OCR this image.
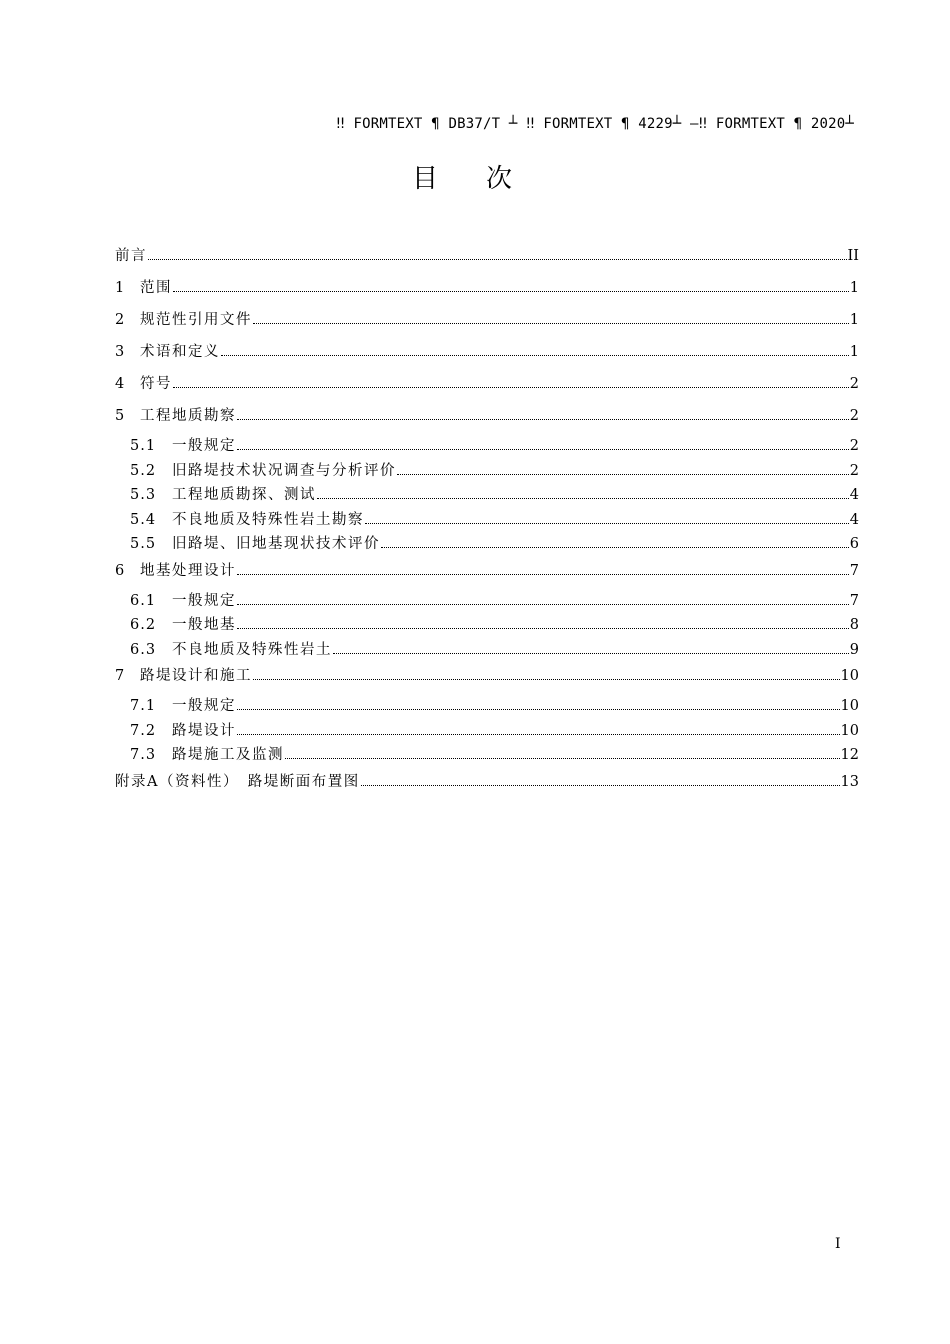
‼ FORMTEXT ¶ DB37/T ┴ ‼ FORMTEXT ¶ 4229┴ —‼ FORMTEXT ¶ 2020┴
目次
前言	II
1	范围	1
2	规范性引用文件	1
3	术语和定义	1
4	符号	2
5	工程地质勘察	2
5.1	一般规定	2
5.2	旧路堤技术状况调查与分析评价	2
5.3	工程地质勘探、测试	4
5.4	不良地质及特殊性岩土勘察	4
5.5	旧路堤、旧地基现状技术评价	6
6	地基处理设计	7
6.1	一般规定	7
6.2	一般地基	8
6.3	不良地质及特殊性岩土	9
7	路堤设计和施工	10
7.1	一般规定	10
7.2	路堤设计	10
7.3	路堤施工及监测	12
附录A（资料性）　路堤断面布置图	13
I
